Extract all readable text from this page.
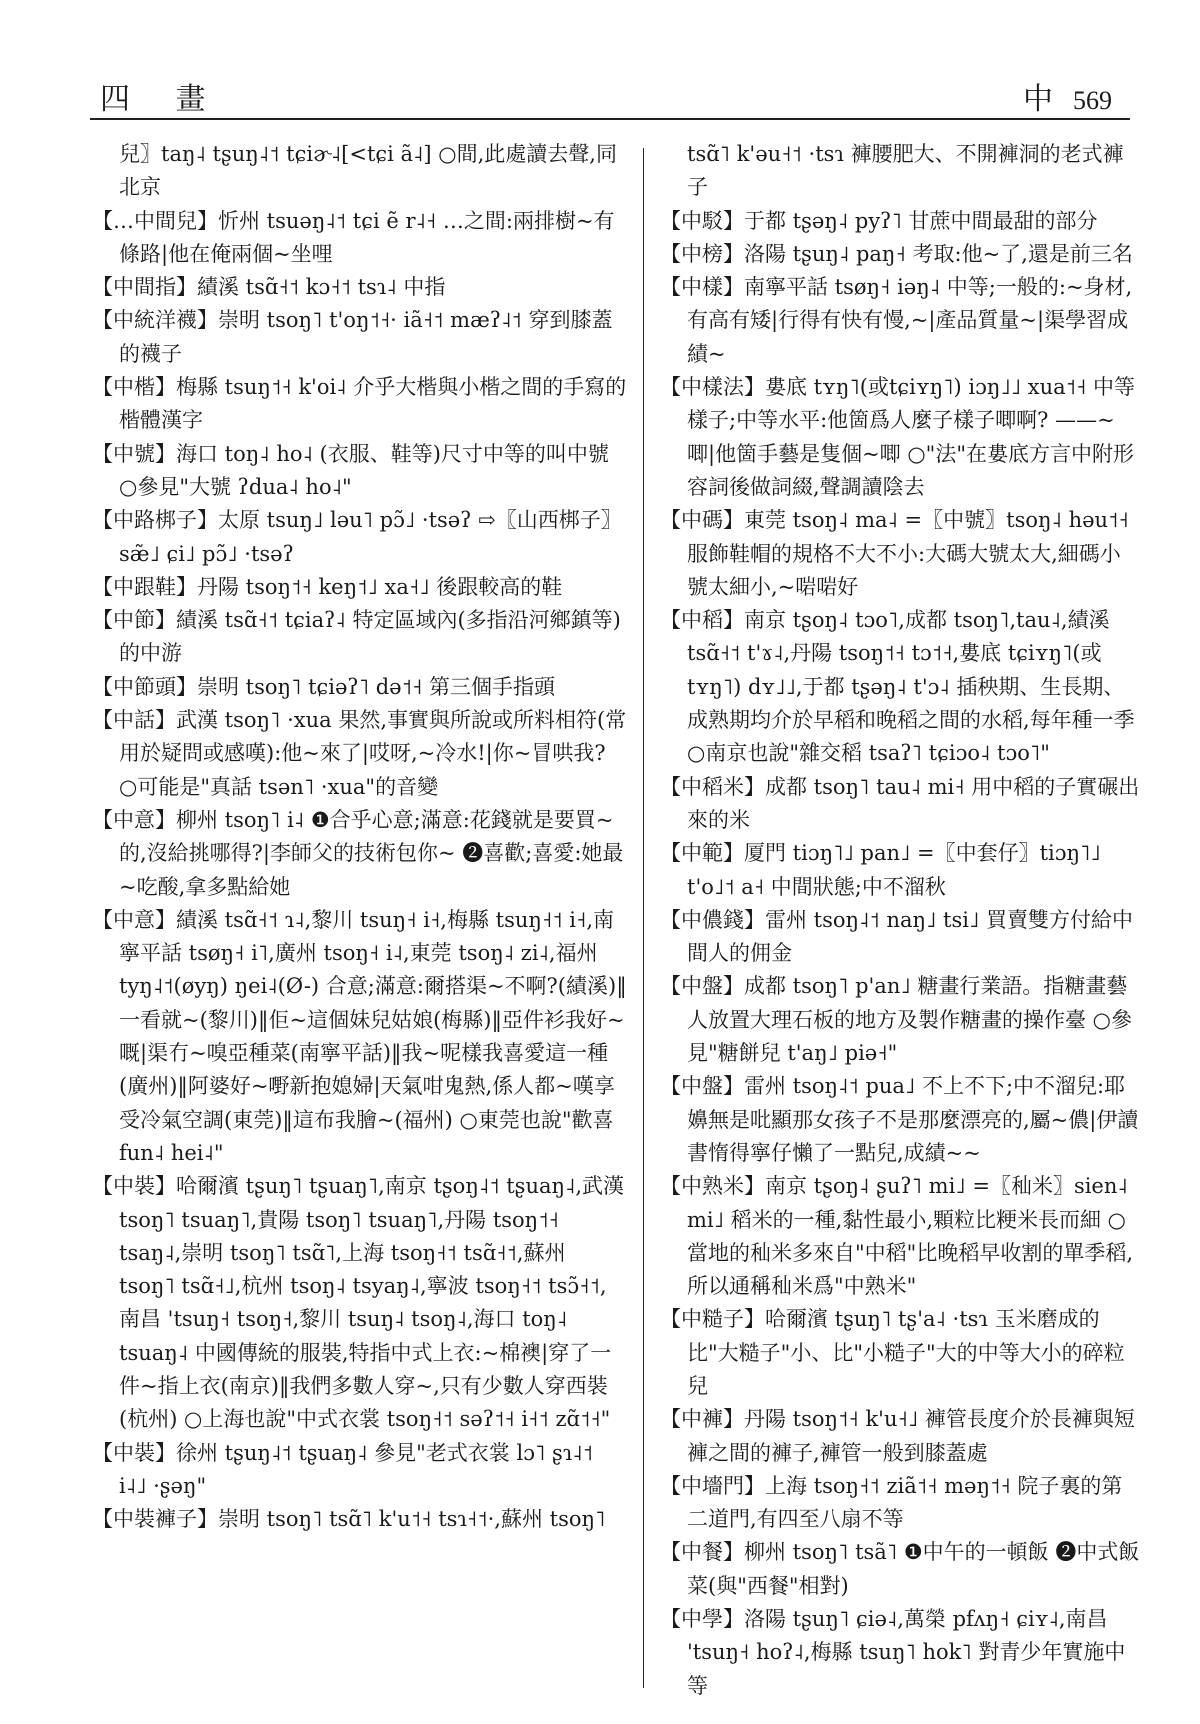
四 畫	中 569

兒〗taŋ˨ tʂuŋ˨˦ tɕiɚ˨[<tɕi ã˨] ○間,此處讀去聲,同北京

【…中間兒】忻州 tsuəŋ˨˦ tɕi ẽ r˨˧ …之間:兩排樹~有條路|他在俺兩個~坐哩

【中間指】績溪 tsɑ̃˧˦ kɔ˧˦ tsɿ˨ 中指

【中統洋襪】崇明 tsoŋ˥ t'oŋ˦˧· iã˧˦ mæʔ˨˦ 穿到膝蓋的襪子

【中楷】梅縣 tsuŋ˦˧ k'oi˨ 介乎大楷與小楷之間的手寫的楷體漢字

【中號】海口 toŋ˨ ho˨ (衣服、鞋等)尺寸中等的叫中號 ○參見"大號 ʔdua˨ ho˨"

【中路梆子】太原 tsuŋ˩ ləu˥ pɔ̃˩ ·tsəʔ ⇨〖山西梆子〗sæ̃˩ ɕi˩ pɔ̃˩ ·tsəʔ

【中跟鞋】丹陽 tsoŋ˦˧ keŋ˦˩ xa˧˩ 後跟較高的鞋

【中節】績溪 tsɑ̃˧˦ tɕiaʔ˨ 特定區域內(多指沿河鄉鎮等)的中游

【中節頭】崇明 tsoŋ˥ tɕiəʔ˥ də˦˧ 第三個手指頭

【中話】武漢 tsoŋ˥ ·xua 果然,事實與所說或所料相符(常用於疑問或感嘆):他~來了|哎呀,~冷水!|你~冒哄我? ○可能是"真話 tsən˥ ·xua"的音變

【中意】柳州 tsoŋ˥ i˨ ❶合乎心意;滿意:花錢就是要買~的,沒給挑哪得?|李師父的技術包你~ ❷喜歡;喜愛:她最~吃酸,拿多點給她

【中意】績溪 tsɑ̃˧˦ ɿ˨,黎川 tsuŋ˧ i˧,梅縣 tsuŋ˧˦ i˧,南寧平話 tsøŋ˧ i˥,廣州 tsoŋ˧ i˨,東莞 tsoŋ˨ zi˨,福州 tyŋ˨˦(øyŋ) ŋei˨(Ø-) 合意;滿意:爾搭渠~不啊?(績溪)‖一看就~(黎川)‖佢~這個妹兒姑娘(梅縣)‖亞件衫我好~嘅|渠冇~嗅亞種菜(南寧平話)‖我~呢樣我喜愛這一種(廣州)‖阿婆好~嘢新抱媳婦|天氣咁鬼熱,係人都~嘆享受冷氣空調(東莞)‖這布我膾~(福州) ○東莞也說"歡喜 fun˨ hei˨"

【中裝】哈爾濱 tʂuŋ˥ tʂuaŋ˥,南京 tʂoŋ˨˦ tʂuaŋ˨,武漢 tsoŋ˥ tsuaŋ˥,貴陽 tsoŋ˥ tsuaŋ˥,丹陽 tsoŋ˦˧ tsaŋ˨,崇明 tsoŋ˥ tsɑ̃˥,上海 tsoŋ˧˦ tsɑ̃˧˦,蘇州 tsoŋ˥ tsɑ̃˧˩,杭州 tsoŋ˨ tsyaŋ˨,寧波 tsoŋ˧˦ tsɔ̃˧˦,南昌 'tsuŋ˧ tsoŋ˧,黎川 tsuŋ˨ tsoŋ˨,海口 toŋ˨ tsuaŋ˨ 中國傳統的服裝,特指中式上衣:~棉襖|穿了一件~指上衣(南京)‖我們多數人穿~,只有少數人穿西裝(杭州) ○上海也說"中式衣裳 tsoŋ˧˦ səʔ˦˧ i˧˦ zɑ̃˦˧"

【中裝】徐州 tʂuŋ˨˦ tʂuaŋ˨ 參見"老式衣裳 lɔ˥ ʂɿ˨˦ i˨˩ ·ʂəŋ"

【中裝褲子】崇明 tsoŋ˥ tsɑ̃˥ k'u˦˧ tsɿ˧˦·,蘇州 tsoŋ˥

tsɑ̃˥ k'əu˧˦ ·tsɿ 褲腰肥大、不開褲洞的老式褲子

【中駁】于都 tʂəŋ˨ pyʔ˥ 甘蔗中間最甜的部分

【中榜】洛陽 tʂuŋ˨ paŋ˧ 考取:他~了,還是前三名

【中樣】南寧平話 tsøŋ˧ iəŋ˨ 中等;一般的:~身材,有高有矮|行得有快有慢,~|產品質量~|渠學習成績~

【中樣法】婁底 tʏŋ˥(或tɕiʏŋ˥) iɔŋ˩˩ xua˦˧ 中等樣子;中等水平:他箇爲人麼子樣子唧啊? ——~唧|他箇手藝是隻個~唧 ○"法"在婁底方言中附形容詞後做詞綴,聲調讀陰去

【中碼】東莞 tsoŋ˨ ma˨ =〖中號〗tsoŋ˨ həu˦˧ 服飾鞋帽的規格不大不小:大碼大號太大,細碼小號太細小,~啱啱好

【中稻】南京 tʂoŋ˨ tɔo˥,成都 tsoŋ˥,tau˨,績溪 tsɑ̃˧˦ t'ɤ˨,丹陽 tsoŋ˦˧ tɔ˦˧,婁底 tɕiʏŋ˥(或 tʏŋ˥) dʏ˩˩,于都 tʂəŋ˨ t'ɔ˨ 插秧期、生長期、成熟期均介於早稻和晚稻之間的水稻,每年種一季 ○南京也說"雜交稻 tsaʔ˥ tɕiɔo˨ tɔo˥"

【中稻米】成都 tsoŋ˥ tau˨ mi˧ 用中稻的子實碾出來的米

【中範】厦門 tiɔŋ˥˩ pan˩ =〖中套仔〗tiɔŋ˥˩ t'o˩˦ a˧ 中間狀態;中不溜秋

【中儂錢】雷州 tsoŋ˨˦ naŋ˩ tsi˩ 買賣雙方付給中間人的佣金

【中盤】成都 tsoŋ˥ p'an˩ 糖畫行業語。指糖畫藝人放置大理石板的地方及製作糖畫的操作臺 ○參見"糖餅兒 t'aŋ˩ piə˧"

【中盤】雷州 tsoŋ˨˦ pua˩ 不上不下;中不溜兒:耶嬶無是吡顯那女孩子不是那麼漂亮的,屬~儂|伊讀書惰得寧仔懶了一點兒,成績~~

【中熟米】南京 tʂoŋ˨ ʂuʔ˥ mi˩ =〖秈米〗sien˨ mi˩ 稻米的一種,黏性最小,顆粒比粳米長而細 ○當地的秈米多來自"中稻"比晚稻早收割的單季稻,所以通稱秈米爲"中熟米"

【中糙子】哈爾濱 tʂuŋ˥ tʂ'a˨ ·tsɿ 玉米磨成的比"大糙子"小、比"小糙子"大的中等大小的碎粒兒

【中褲】丹陽 tsoŋ˦˧ k'u˧˩ 褲管長度介於長褲與短褲之間的褲子,褲管一般到膝蓋處

【中墻門】上海 tsoŋ˧˦ ziã˦˧ məŋ˦˧ 院子裏的第二道門,有四至八扇不等

【中餐】柳州 tsoŋ˥ tsã˥ ❶中午的一頓飯 ❷中式飯菜(與"西餐"相對)

【中學】洛陽 tʂuŋ˥ ɕiə˨,萬榮 pfʌŋ˧ ɕiʏ˨,南昌 'tsuŋ˧ hoʔ˨,梅縣 tsuŋ˥ hok˥ 對青少年實施中等
